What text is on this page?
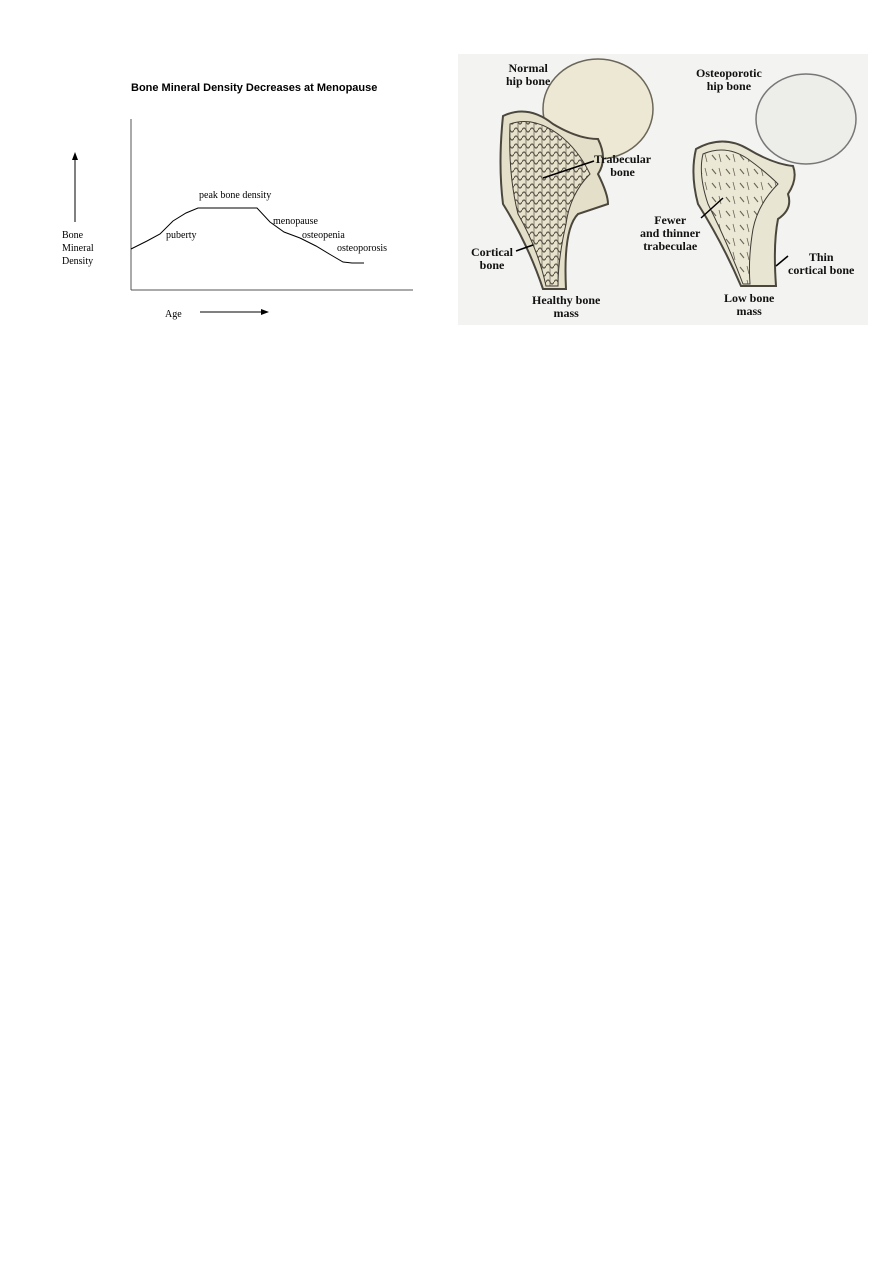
Bone Mineral Density Decreases at Menopause
puberty
peak bone density
menopause
osteopenia
osteoporosis
Bone
Mineral
Density
Age
Normal
hip bone
Osteoporotic
hip bone
Trabecular
bone
Cortical
bone
Fewer
and thinner
trabeculae
Thin
cortical bone
Healthy bone
mass
Low bone
mass
